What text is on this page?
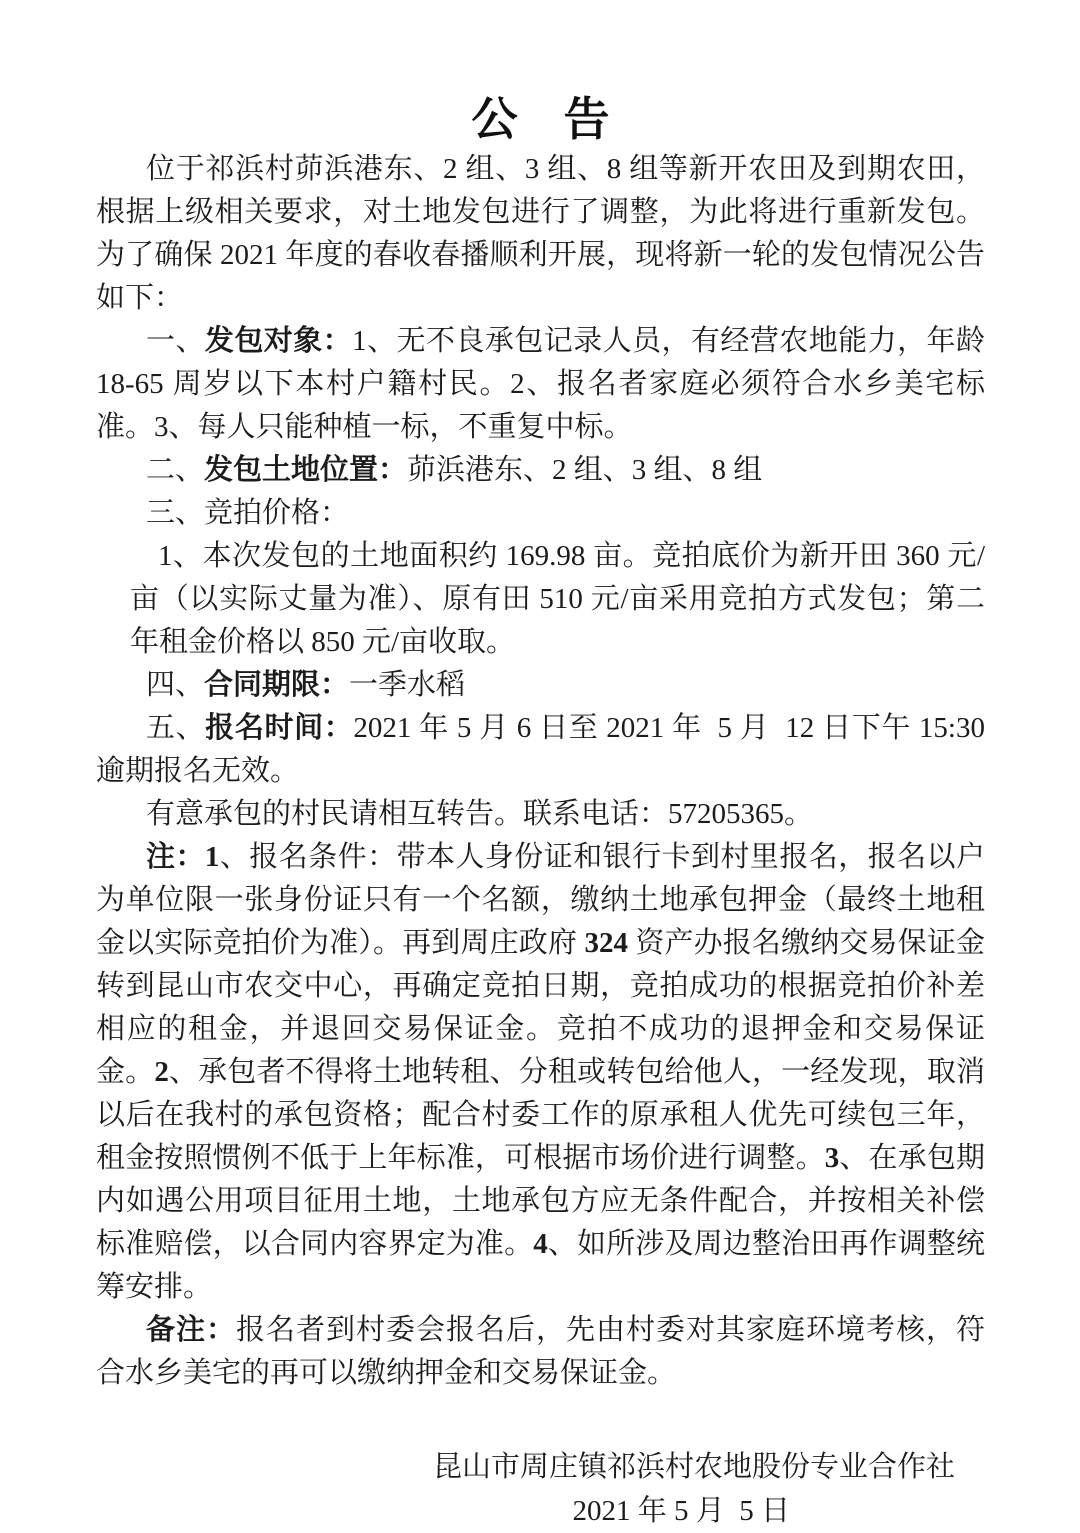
公　告

位于祁浜村茆浜港东、2 组、3 组、8 组等新开农田及到期农田，根据上级相关要求，对土地发包进行了调整，为此将进行重新发包。为了确保 2021 年度的春收春播顺利开展，现将新一轮的发包情况公告如下：

一、发包对象：1、无不良承包记录人员，有经营农地能力，年龄 18-65 周岁以下本村户籍村民。2、报名者家庭必须符合水乡美宅标准。3、每人只能种植一标，不重复中标。

二、发包土地位置：茆浜港东、2 组、3 组、8 组

三、竞拍价格：

1、本次发包的土地面积约 169.98 亩。竞拍底价为新开田 360 元/亩（以实际丈量为准）、原有田 510 元/亩采用竞拍方式发包；第二年租金价格以 850 元/亩收取。

四、合同期限：一季水稻

五、报名时间：2021 年 5 月 6 日至 2021 年  5 月  12 日下午 15:30 逾期报名无效。

有意承包的村民请相互转告。联系电话：57205365。

注：1、报名条件：带本人身份证和银行卡到村里报名，报名以户为单位限一张身份证只有一个名额，缴纳土地承包押金（最终土地租金以实际竞拍价为准）。再到周庄政府 324 资产办报名缴纳交易保证金转到昆山市农交中心，再确定竞拍日期，竞拍成功的根据竞拍价补差相应的租金，并退回交易保证金。竞拍不成功的退押金和交易保证金。2、承包者不得将土地转租、分租或转包给他人，一经发现，取消以后在我村的承包资格；配合村委工作的原承租人优先可续包三年，租金按照惯例不低于上年标准，可根据市场价进行调整。3、在承包期内如遇公用项目征用土地，土地承包方应无条件配合，并按相关补偿标准赔偿，以合同内容界定为准。4、如所涉及周边整治田再作调整统筹安排。

备注：报名者到村委会报名后，先由村委对其家庭环境考核，符合水乡美宅的再可以缴纳押金和交易保证金。

昆山市周庄镇祁浜村农地股份专业合作社

2021 年 5 月  5 日
